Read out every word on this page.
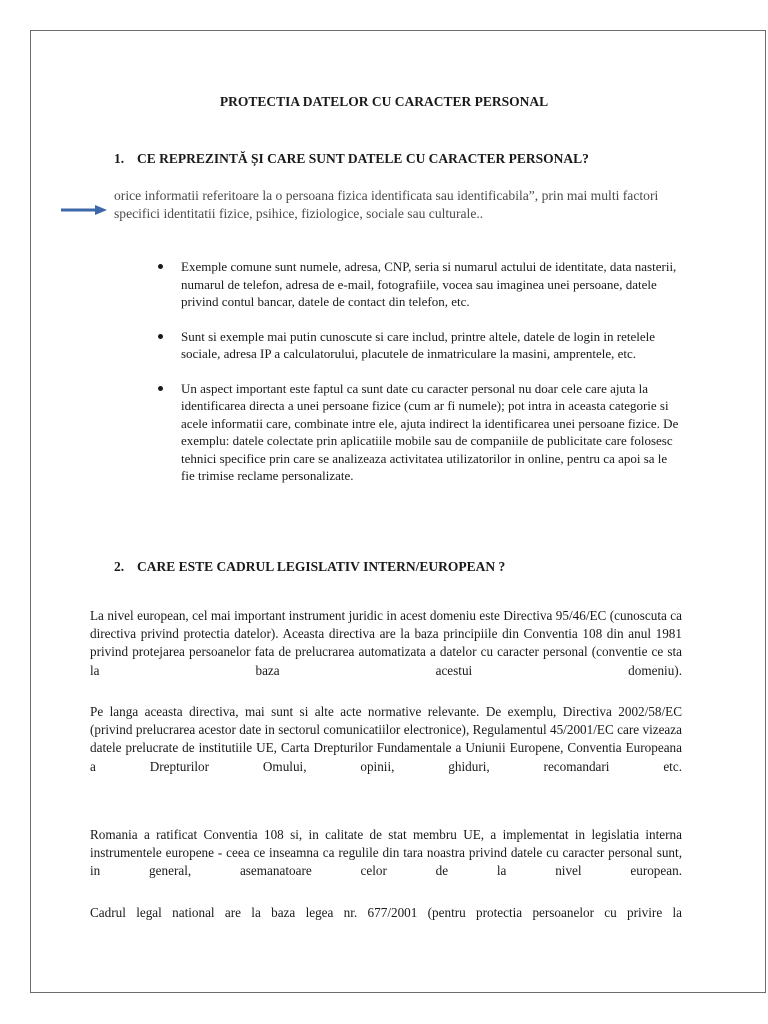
PROTECTIA DATELOR CU CARACTER PERSONAL
1. CE REPREZINTĂ ȘI CARE SUNT DATELE CU CARACTER PERSONAL?
orice informatii referitoare la o persoana fizica identificata sau identificabila”, prin mai multi factori specifici identitatii fizice, psihice, fiziologice, sociale sau culturale..
Exemple comune sunt numele, adresa, CNP, seria si numarul actului de identitate, data nasterii, numarul de telefon, adresa de e-mail, fotografiile, vocea sau imaginea unei persoane, datele privind contul bancar, datele de contact din telefon, etc.
Sunt si exemple mai putin cunoscute si care includ, printre altele, datele de login in retelele sociale, adresa IP a calculatorului, placutele de inmatriculare la masini, amprentele, etc.
Un aspect important este faptul ca sunt date cu caracter personal nu doar cele care ajuta la identificarea directa a unei persoane fizice (cum ar fi numele); pot intra in aceasta categorie si acele informatii care, combinate intre ele, ajuta indirect la identificarea unei persoane fizice. De exemplu: datele colectate prin aplicatiile mobile sau de companiile de publicitate care folosesc tehnici specifice prin care se analizeaza activitatea utilizatorilor in online, pentru ca apoi sa le fie trimise reclame personalizate.
2. CARE ESTE CADRUL LEGISLATIV INTERN/EUROPEAN ?
La nivel european, cel mai important instrument juridic in acest domeniu este Directiva 95/46/EC (cunoscuta ca directiva privind protectia datelor). Aceasta directiva are la baza principiile din Conventia 108 din anul 1981 privind protejarea persoanelor fata de prelucrarea automatizata a datelor cu caracter personal (conventie ce sta la baza acestui domeniu).
Pe langa aceasta directiva, mai sunt si alte acte normative relevante. De exemplu, Directiva 2002/58/EC (privind prelucrarea acestor date in sectorul comunicatiilor electronice), Regulamentul 45/2001/EC care vizeaza datele prelucrate de institutiile UE, Carta Drepturilor Fundamentale a Uniunii Europene, Conventia Europeana a Drepturilor Omului, opinii, ghiduri, recomandari etc.
Romania a ratificat Conventia 108 si, in calitate de stat membru UE, a implementat in legislatia interna instrumentele europene - ceea ce inseamna ca regulile din tara noastra privind datele cu caracter personal sunt, in general, asemanatoare celor de la nivel european.
Cadrul legal national are la baza legea nr. 677/2001 (pentru protectia persoanelor cu privire la
